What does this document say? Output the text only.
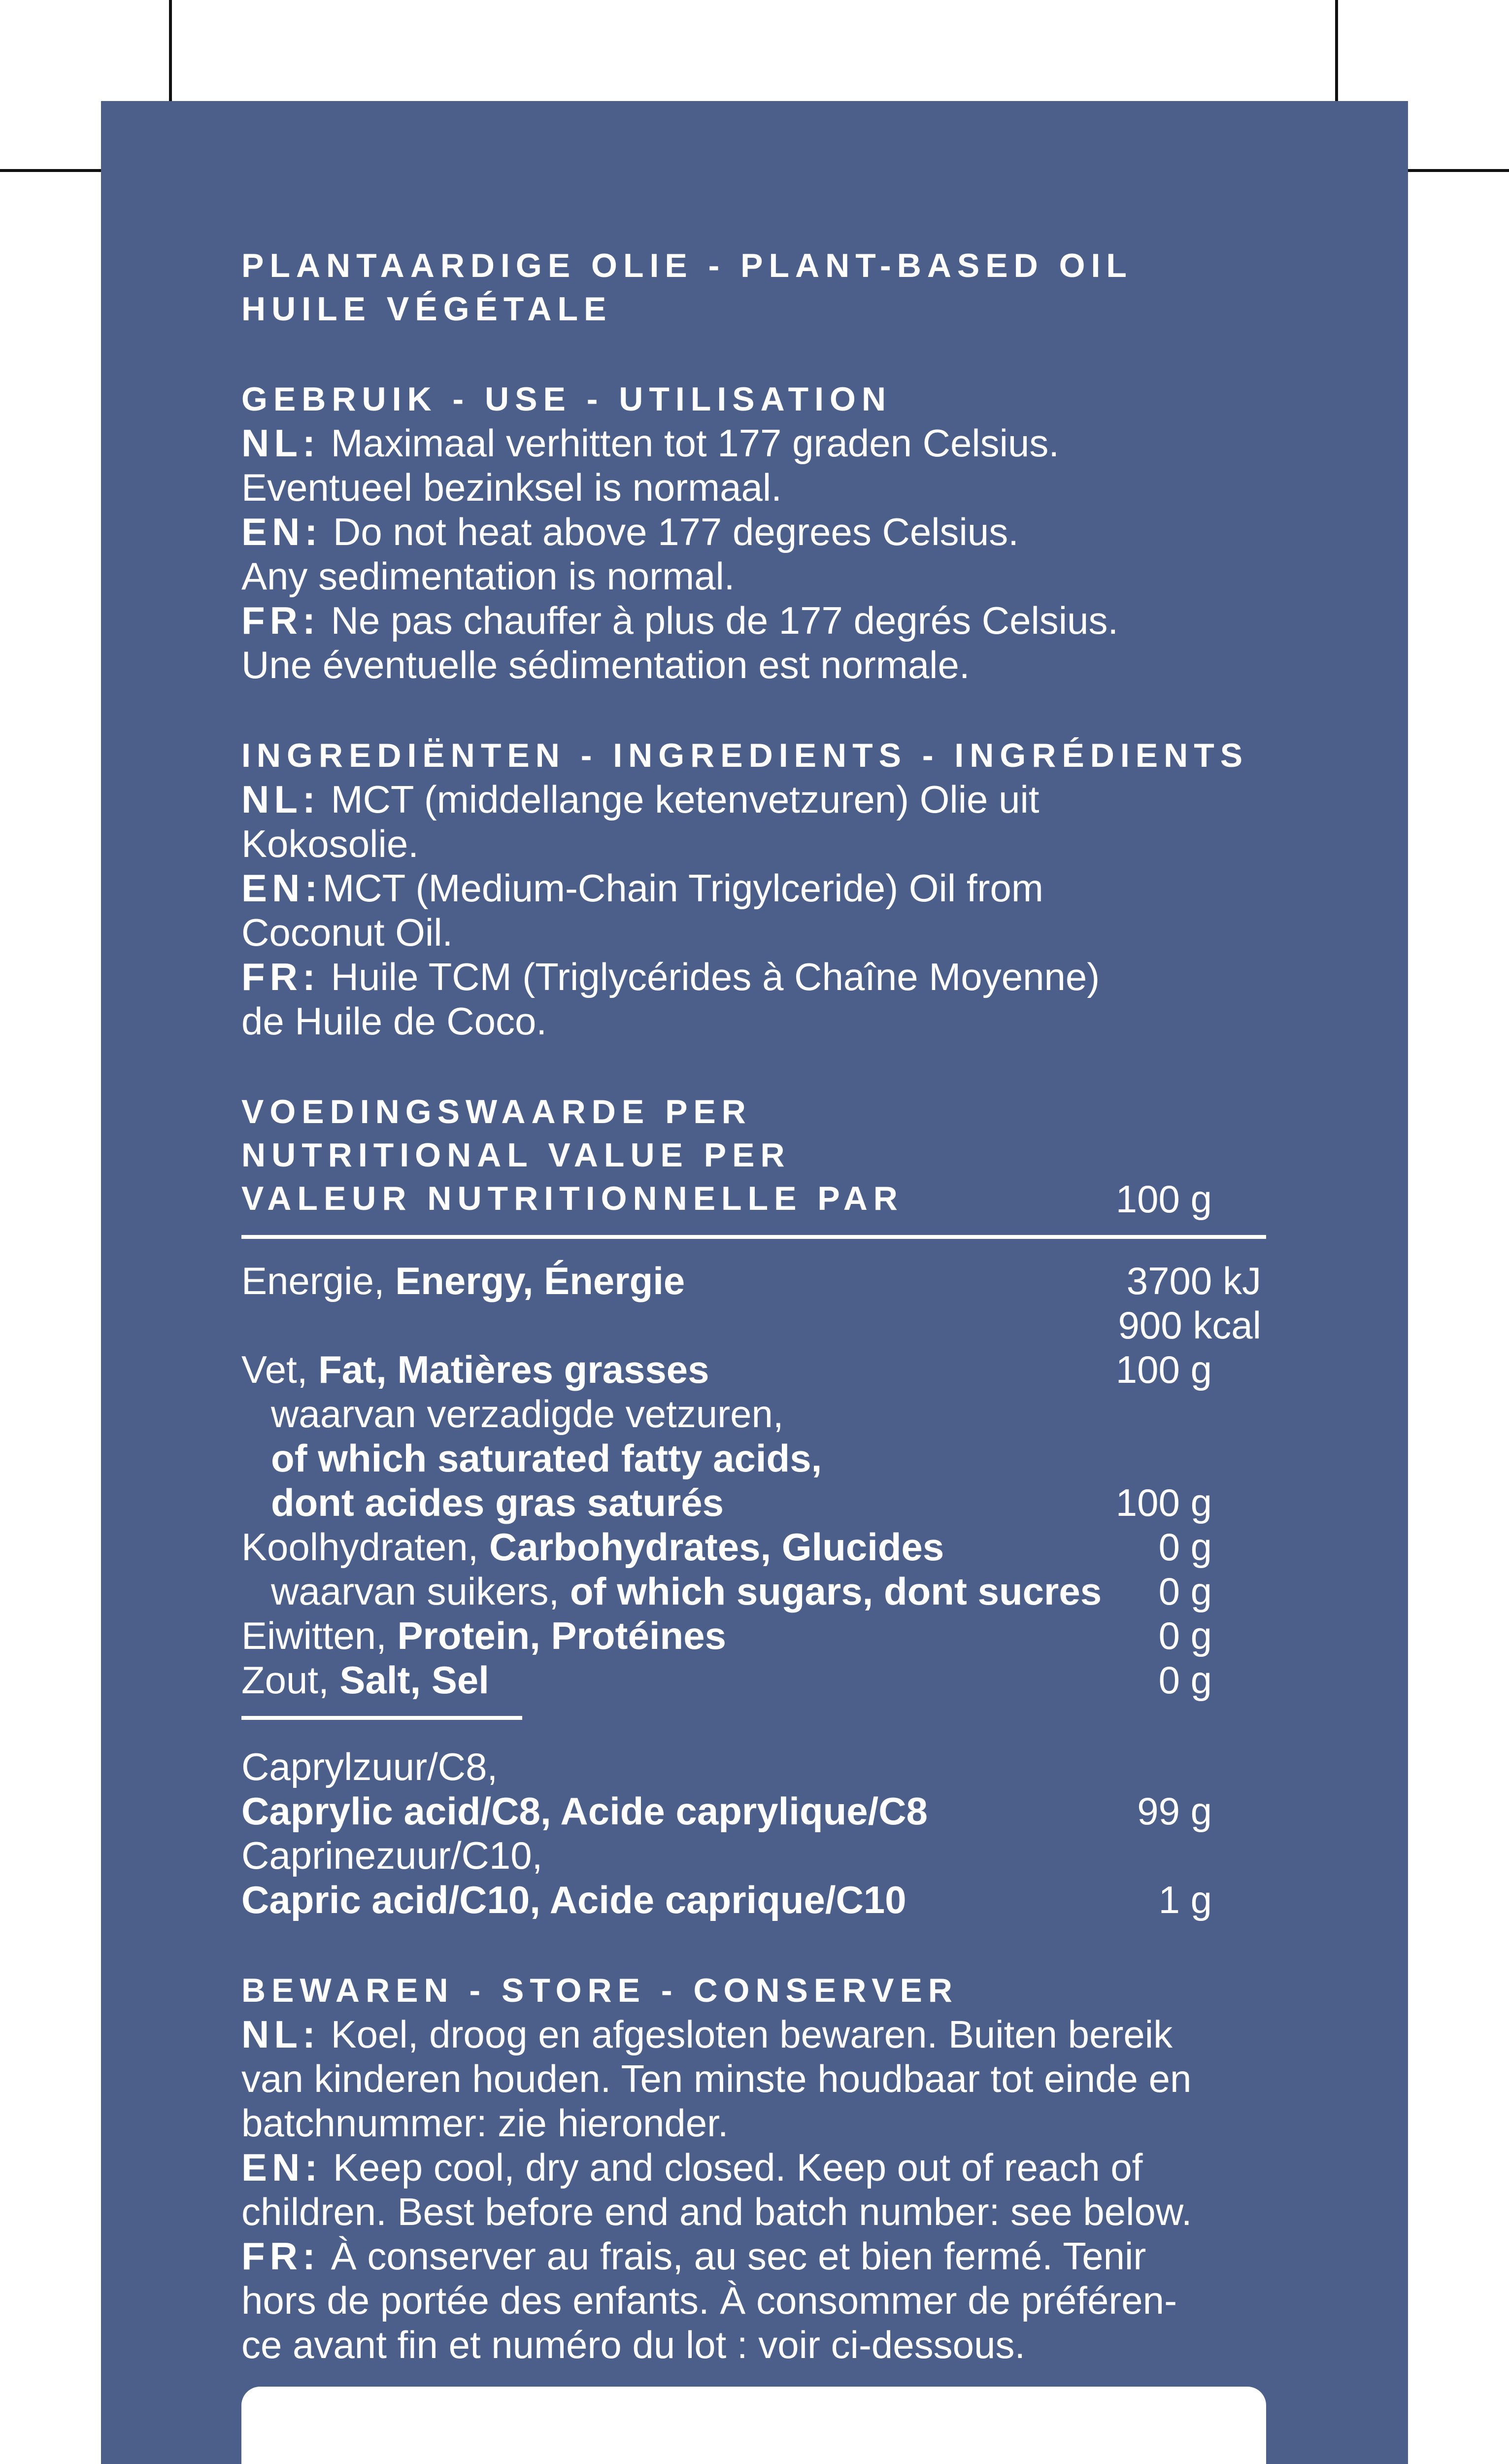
PLANTAARDIGE OLIE - PLANT-BASED OIL
HUILE VÉGÉTALE
GEBRUIK - USE - UTILISATION
NL: Maximaal verhitten tot 177 graden Celsius.
Eventueel bezinksel is normaal.
EN: Do not heat above 177 degrees Celsius.
Any sedimentation is normal.
FR: Ne pas chauffer à plus de 177 degrés Celsius.
Une éventuelle sédimentation est normale.
INGREDIËNTEN - INGREDIENTS - INGRÉDIENTS
NL: MCT (middellange ketenvetzuren) Olie uit
Kokosolie.
EN:MCT (Medium-Chain Trigylceride) Oil from
Coconut Oil.
FR: Huile TCM (Triglycérides à Chaîne Moyenne)
de Huile de Coco.
VOEDINGSWAARDE PER
NUTRITIONAL VALUE PER
VALEUR NUTRITIONNELLE PAR	100 g
Energie, Energy, Énergie	3700 kJ
900 kcal
Vet, Fat, Matières grasses	100 g
waarvan verzadigde vetzuren,
of which saturated fatty acids,
dont acides gras saturés	100 g
Koolhydraten, Carbohydrates, Glucides	0 g
waarvan suikers, of which sugars, dont sucres 0 g
Eiwitten, Protein, Protéines	0 g
Zout, Salt, Sel	0 g
Caprylzuur/C8,
Caprylic acid/C8, Acide caprylique/C8	99 g
Caprinezuur/C10,
Capric acid/C10, Acide caprique/C10	1 g
BEWAREN - STORE - CONSERVER
NL: Koel, droog en afgesloten bewaren. Buiten bereik
van kinderen houden. Ten minste houdbaar tot einde en
batchnummer: zie hieronder.
EN: Keep cool, dry and closed. Keep out of reach of
children. Best before end and batch number: see below.
FR: À conserver au frais, au sec et bien fermé. Tenir
hors de portée des enfants. À consommer de préféren-
ce avant fin et numéro du lot : voir ci-dessous.
